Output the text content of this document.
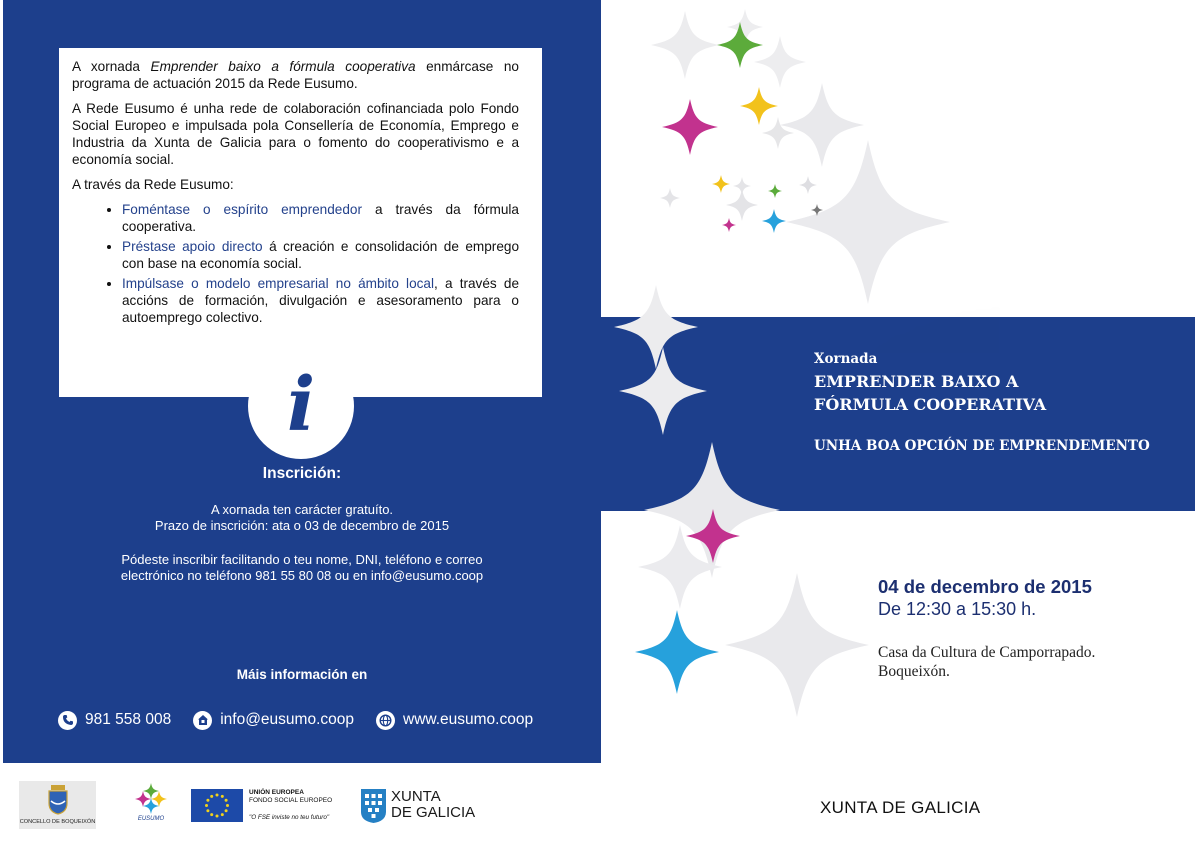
A xornada Emprender baixo a fórmula cooperativa enmárcase no programa de actuación 2015 da Rede Eusumo.

A Rede Eusumo é unha rede de colaboración cofinanciada polo Fondo Social Europeo e impulsada pola Consellería de Economía, Emprego e Industria da Xunta de Galicia para o fomento do cooperativismo e a economía social.

A través da Rede Eusumo:

• Foméntase o espírito emprendedor a través da fórmula cooperativa.
• Préstase apoio directo á creación e consolidación de emprego con base na economía social.
• Impúlsase o modelo empresarial no ámbito local, a través de accións de formación, divulgación e asesoramento para o autoemprego colectivo.
i
Inscrición:
A xornada ten carácter gratuíto.
Prazo de inscrición: ata o 03 de decembro de 2015
Pódeste inscribir facilitando o teu nome, DNI, teléfono e correo
electrónico no teléfono 981 55 80 08 ou en info@eusumo.coop
Máis información en
981 558 008	info@eusumo.coop	www.eusumo.coop
Xornada
EMPRENDER BAIXO A
FÓRMULA COOPERATIVA
UNHA BOA OPCIÓN DE EMPRENDEMENTO
04 de decembro de 2015
De 12:30 a 15:30 h.
Casa da Cultura de Camporrapado.
Boqueixón.
CONCELLO DE BOQUEIXÓN	EUSUMO
UNIÓN EUROPEA
FONDO SOCIAL EUROPEO
"O FSE inviste no teu futuro"
XUNTA
DE GALICIA	XUNTA DE GALICIA
